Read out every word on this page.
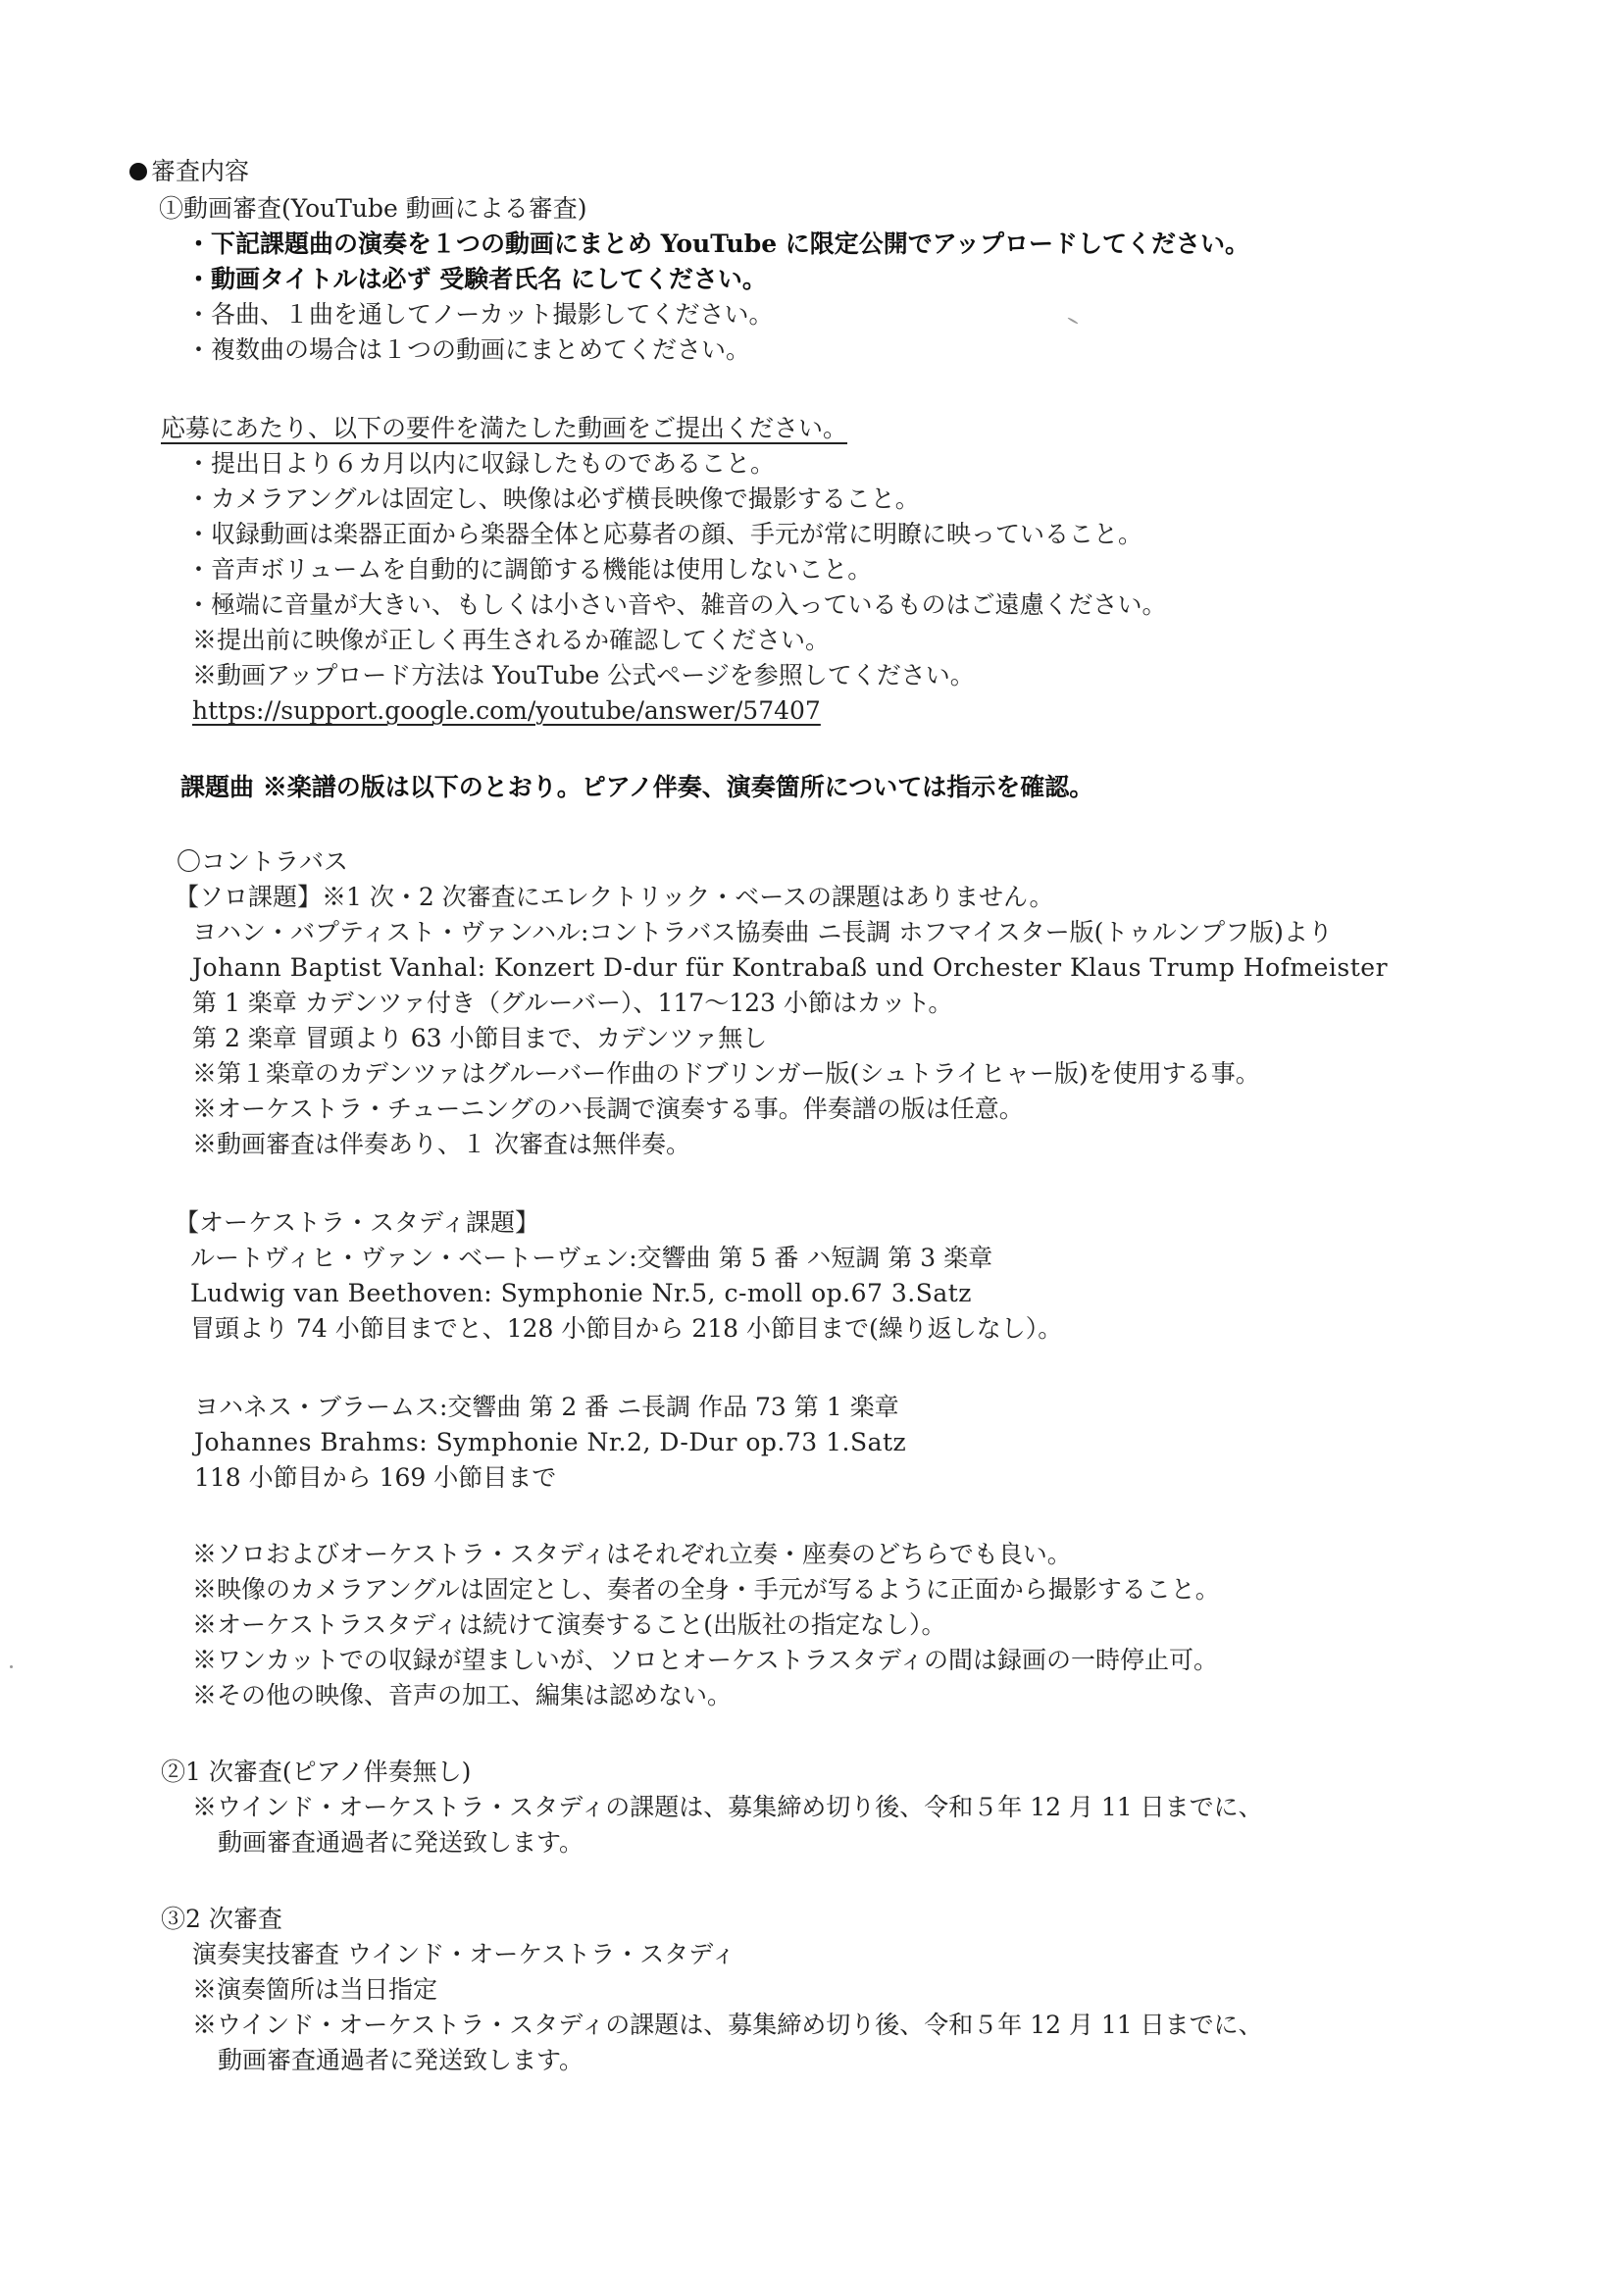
審査内容
①動画審査(YouTube 動画による審査)
・下記課題曲の演奏を１つの動画にまとめ YouTube に限定公開でアップロードしてください。
・動画タイトルは必ず 受験者氏名 にしてください。
・各曲、１曲を通してノーカット撮影してください。
・複数曲の場合は１つの動画にまとめてください。
応募にあたり、以下の要件を満たした動画をご提出ください。
・提出日より６カ月以内に収録したものであること。
・カメラアングルは固定し、映像は必ず横長映像で撮影すること。
・収録動画は楽器正面から楽器全体と応募者の顔、手元が常に明瞭に映っていること。
・音声ボリュームを自動的に調節する機能は使用しないこと。
・極端に音量が大きい、もしくは小さい音や、雑音の入っているものはご遠慮ください。
※提出前に映像が正しく再生されるか確認してください。
※動画アップロード方法は YouTube 公式ページを参照してください。
https://support.google.com/youtube/answer/57407
課題曲 ※楽譜の版は以下のとおり。ピアノ伴奏、演奏箇所については指示を確認。
〇コントラバス
【ソロ課題】※1 次・2 次審査にエレクトリック・ベースの課題はありません。
ヨハン・バプティスト・ヴァンハル:コントラバス協奏曲 ニ長調 ホフマイスター版(トゥルンプフ版)より
Johann Baptist Vanhal: Konzert D-dur für Kontrabaß und Orchester Klaus Trump Hofmeister
第 1 楽章 カデンツァ付き（グルーバー）、117～123 小節はカット。
第 2 楽章 冒頭より 63 小節目まで、カデンツァ無し
※第１楽章のカデンツァはグルーバー作曲のドブリンガー版(シュトライヒャー版)を使用する事。
※オーケストラ・チューニングのハ長調で演奏する事。伴奏譜の版は任意。
※動画審査は伴奏あり、１ 次審査は無伴奏。
【オーケストラ・スタディ課題】
ルートヴィヒ・ヴァン・ベートーヴェン:交響曲 第 5 番 ハ短調 第 3 楽章
Ludwig van Beethoven: Symphonie Nr.5, c-moll op.67 3.Satz
冒頭より 74 小節目までと、128 小節目から 218 小節目まで(繰り返しなし）。
ヨハネス・ブラームス:交響曲 第 2 番 ニ長調 作品 73 第 1 楽章
Johannes Brahms: Symphonie Nr.2, D-Dur op.73 1.Satz
118 小節目から 169 小節目まで
※ソロおよびオーケストラ・スタディはそれぞれ立奏・座奏のどちらでも良い。
※映像のカメラアングルは固定とし、奏者の全身・手元が写るように正面から撮影すること。
※オーケストラスタディは続けて演奏すること(出版社の指定なし）。
※ワンカットでの収録が望ましいが、ソロとオーケストラスタディの間は録画の一時停止可。
※その他の映像、音声の加工、編集は認めない。
②1 次審査(ピアノ伴奏無し)
※ウインド・オーケストラ・スタディの課題は、募集締め切り後、令和５年 12 月 11 日までに、
動画審査通過者に発送致します。
③2 次審査
演奏実技審査 ウインド・オーケストラ・スタディ
※演奏箇所は当日指定
※ウインド・オーケストラ・スタディの課題は、募集締め切り後、令和５年 12 月 11 日までに、
動画審査通過者に発送致します。
